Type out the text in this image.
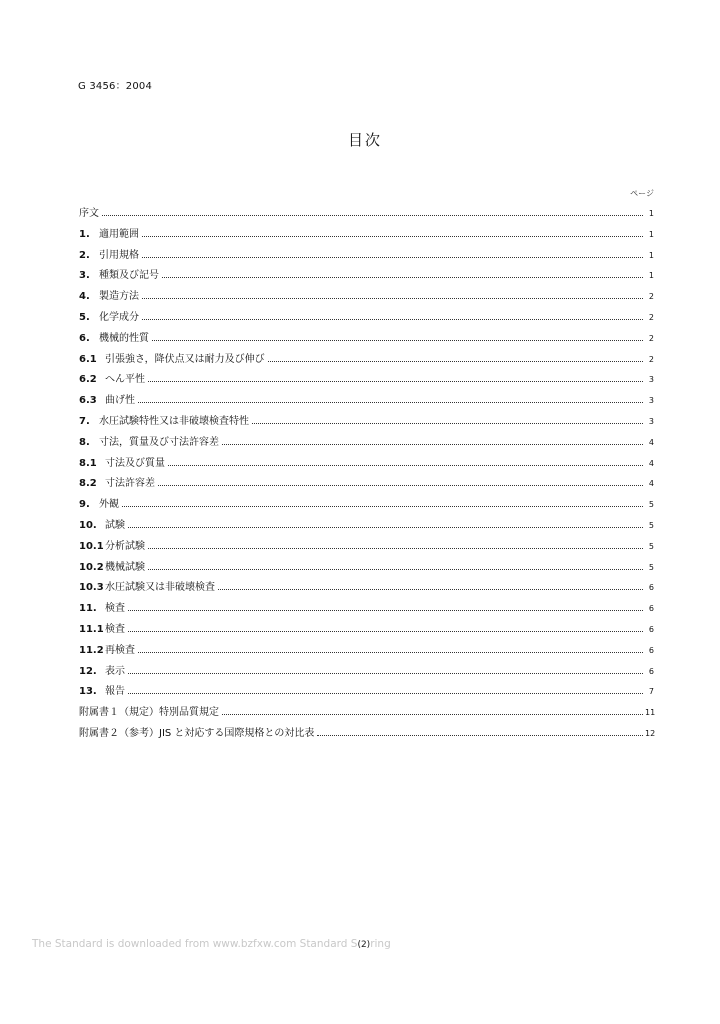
G 3456：2004
目次
ページ
序文	1
1. 適用範囲	1
2. 引用規格	1
3. 種類及び記号	1
4. 製造方法	2
5. 化学成分	2
6. 機械的性質	2
6.1 引張強さ，降伏点又は耐力及び伸び	2
6.2 へん平性	3
6.3 曲げ性	3
7. 水圧試験特性又は非破壊検査特性	3
8. 寸法，質量及び寸法許容差	4
8.1 寸法及び質量	4
8.2 寸法許容差	4
9. 外観	5
10. 試験	5
10.1 分析試験	5
10.2 機械試験	5
10.3 水圧試験又は非破壊検査	6
11. 検査	6
11.1 検査	6
11.2 再検査	6
12. 表示	6
13. 報告	7
附属書１（規定）特別品質規定	11
附属書２（参考）JIS と対応する国際規格との対比表	12
The Standard is downloaded from www.bzfxw.com Standard S(2)ring
